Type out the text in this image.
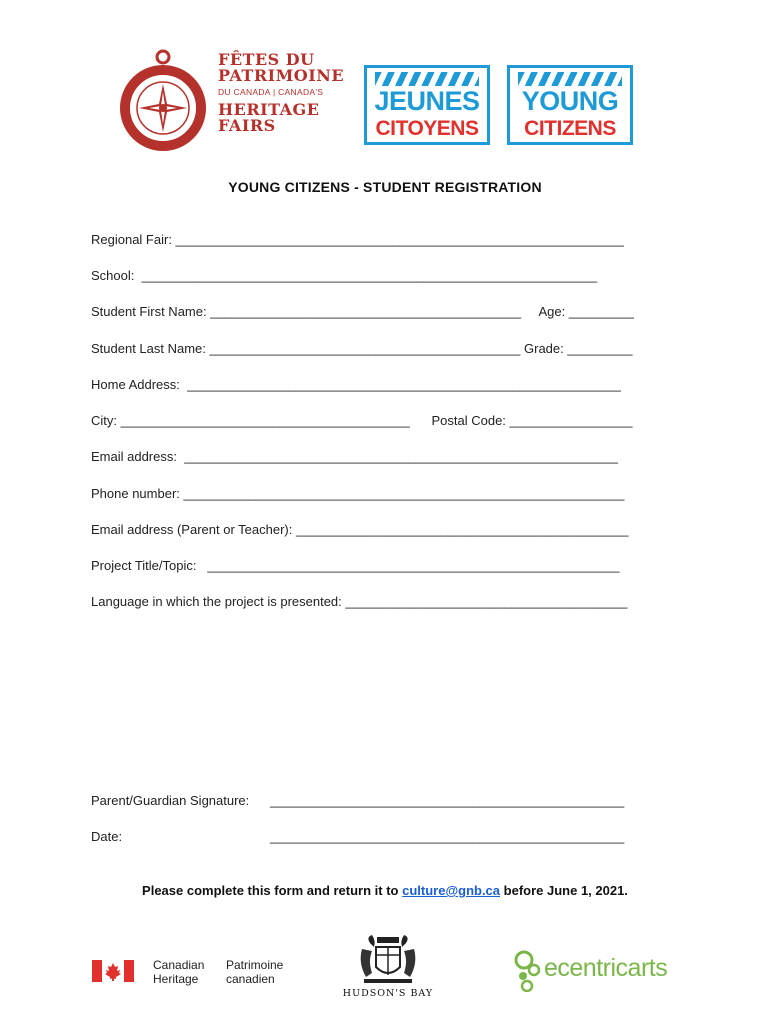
FÊTES DU
PATRIMOINE
DU CANADA | CANADA'S
HERITAGE
FAIRS
JEUNES
CITOYENS
YOUNG
CITIZENS
YOUNG CITIZENS - STUDENT REGISTRATION
Regional Fair: ______________________________________________________________
School:  _______________________________________________________________
Student First Name: ___________________________________________     Age: _________
Student Last Name: ___________________________________________ Grade: _________
Home Address:  ____________________________________________________________
City: ________________________________________      Postal Code: _________________
Email address:  ____________________________________________________________
Phone number: _____________________________________________________________
Email address (Parent or Teacher): ______________________________________________
Project Title/Topic:   _________________________________________________________
Language in which the project is presented: _______________________________________
Parent/Guardian Signature: _________________________________________________
Date:	_________________________________________________
Please complete this form and return it to culture@gnb.ca before June 1, 2021.
Canadian
Heritage
Patrimoine
canadien
HUDSON'S BAY
ecentricarts
